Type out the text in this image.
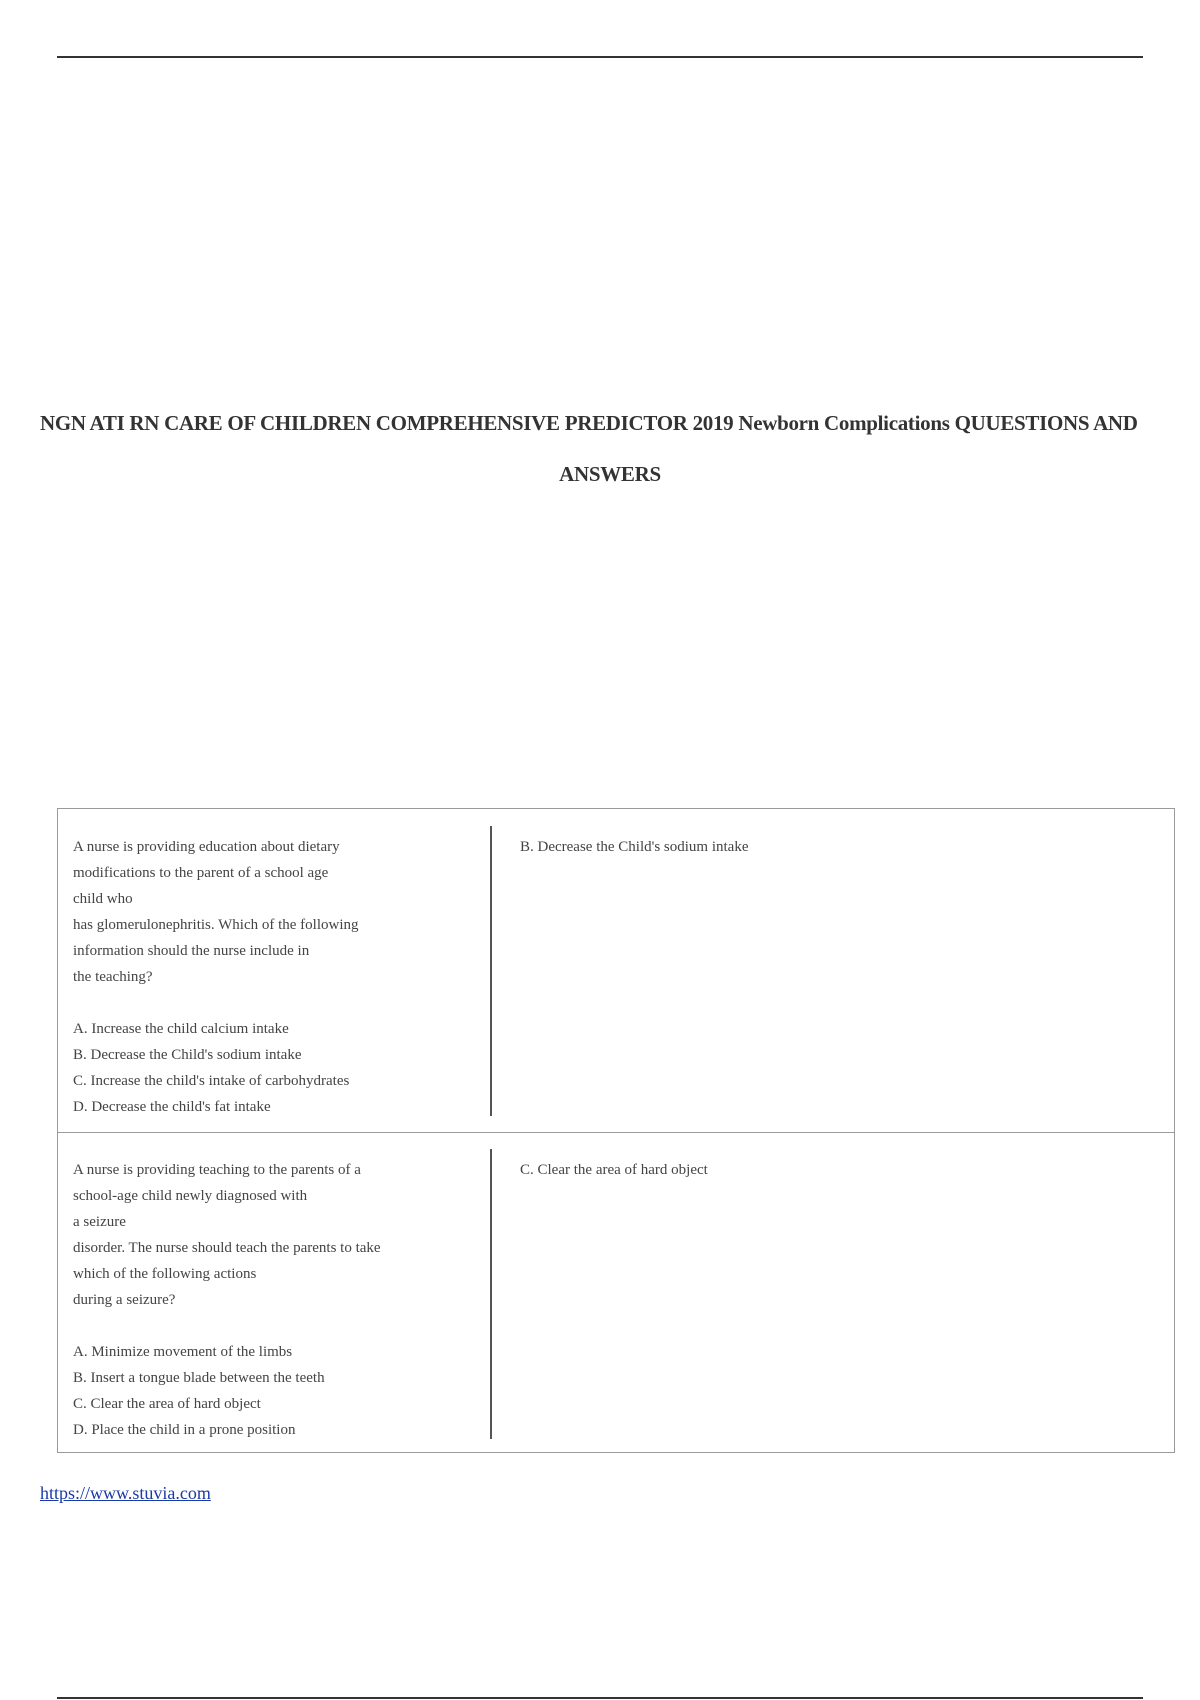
NGN ATI RN CARE OF CHILDREN COMPREHENSIVE PREDICTOR 2019 Newborn Complications QUUESTIONS AND
ANSWERS
A nurse is providing education about dietary
modifications to the parent of a school age
child who
has glomerulonephritis. Which of the following
information should the nurse include in
the teaching?
A. Increase the child calcium intake
B. Decrease the Child's sodium intake
C. Increase the child's intake of carbohydrates
D. Decrease the child's fat intake
B. Decrease the Child's sodium intake
A nurse is providing teaching to the parents of a
school-age child newly diagnosed with
a seizure
disorder. The nurse should teach the parents to take
which of the following actions
during a seizure?
A. Minimize movement of the limbs
B. Insert a tongue blade between the teeth
C. Clear the area of hard object
D. Place the child in a prone position
C. Clear the area of hard object
https://www.stuvia.com
